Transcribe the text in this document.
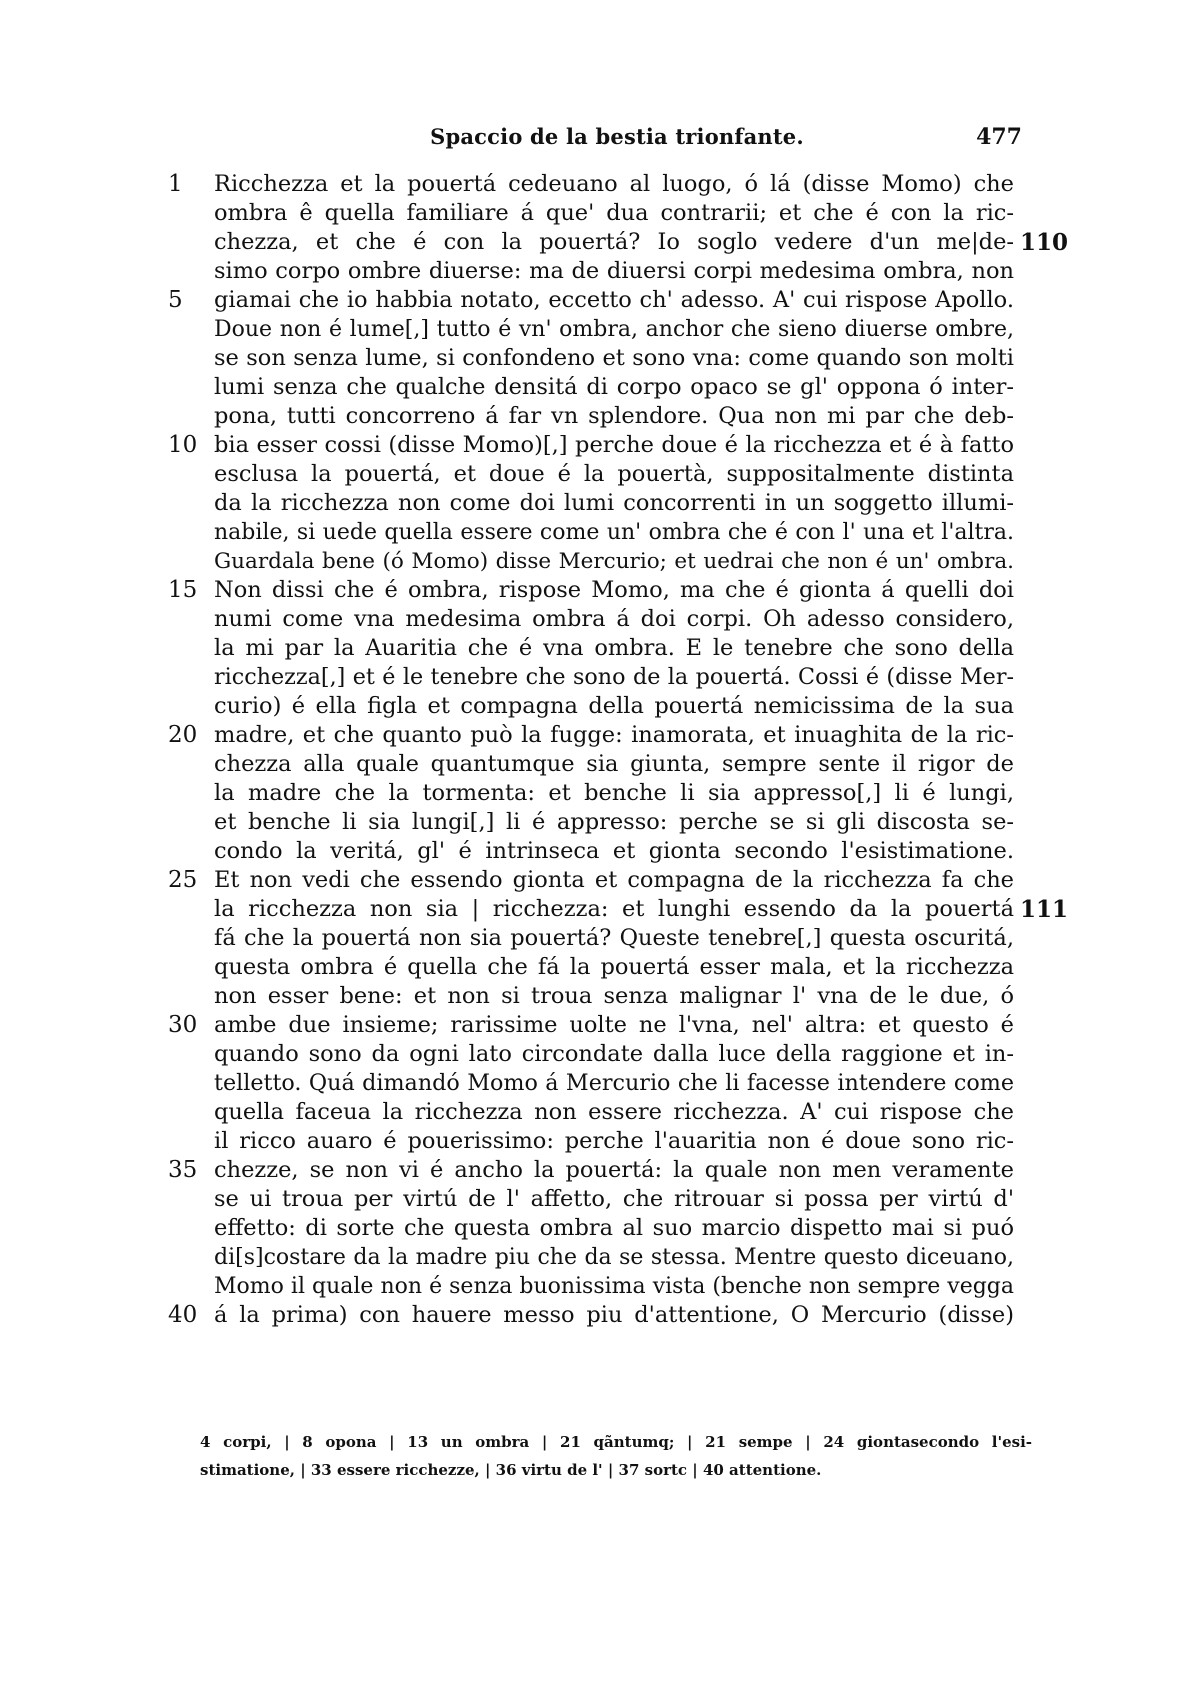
Spaccio de la bestia trionfante.	477
1	Ricchezza et la pouertá cedeuano al luogo, ó lá (disse Momo) che
ombra ê quella familiare á que' dua contrarii; et che é con la ric-
chezza, et che é con la pouertá? Io soglo vedere d'un me|de- 110
simo corpo ombre diuerse: ma de diuersi corpi medesima ombra, non
5	giamai che io habbia notato, eccetto ch' adesso. A' cui rispose Apollo.
Doue non é lume[,] tutto é vn' ombra, anchor che sieno diuerse ombre,
se son senza lume, si confondeno et sono vna: come quando son molti
lumi senza che qualche densitá di corpo opaco se gl' oppona ó inter-
pona, tutti concorreno á far vn splendore. Qua non mi par che deb-
10 bia esser cossi (disse Momo)[,] perche doue é la ricchezza et é à fatto
esclusa la pouertá, et doue é la pouertà, suppositalmente distinta
da la ricchezza non come doi lumi concorrenti in un soggetto illumi-
nabile, si uede quella essere come un' ombra che é con l' una et l'altra.
Guardala bene (ó Momo) disse Mercurio; et uedrai che non é un' ombra.
15 Non dissi che é ombra, rispose Momo, ma che é gionta á quelli doi
numi come vna medesima ombra á doi corpi. Oh adesso considero,
la mi par la Auaritia che é vna ombra. E le tenebre che sono della
ricchezza[,] et é le tenebre che sono de la pouertá. Cossi é (disse Mer-
curio) é ella figla et compagna della pouertá nemicissima de la sua
20 madre, et che quanto può la fugge: inamorata, et inuaghita de la ric-
chezza alla quale quantumque sia giunta, sempre sente il rigor de
la madre che la tormenta: et benche li sia appresso[,] li é lungi,
et benche li sia lungi[,] li é appresso: perche se si gli discosta se-
condo la veritá, gl' é intrinseca et gionta secondo l'esistimatione.
25 Et non vedi che essendo gionta et compagna de la ricchezza fa che
la ricchezza non sia | ricchezza: et lunghi essendo da la pouertá 111
fá che la pouertá non sia pouertá? Queste tenebre[,] questa oscuritá,
questa ombra é quella che fá la pouertá esser mala, et la ricchezza
non esser bene: et non si troua senza malignar l' vna de le due, ó
30 ambe due insieme; rarissime uolte ne l'vna, nel' altra: et questo é
quando sono da ogni lato circondate dalla luce della raggione et in-
telletto. Quá dimandó Momo á Mercurio che li facesse intendere come
quella faceua la ricchezza non essere ricchezza. A' cui rispose che
il ricco auaro é pouerissimo: perche l'auaritia non é doue sono ric-
35 chezze, se non vi é ancho la pouertá: la quale non men veramente
se ui troua per virtú de l' affetto, che ritrouar si possa per virtú d'
effetto: di sorte che questa ombra al suo marcio dispetto mai si puó
di[s]costare da la madre piu che da se stessa. Mentre questo diceuano,
Momo il quale non é senza buonissima vista (benche non sempre vegga
40 á la prima) con hauere messo piu d'attentione, O Mercurio (disse)
4 corpi, | 8 opona | 13 un ombra | 21 qãntumq; | 21 sempe | 24 giontasecondo l'esi-
stimatione, | 33 essere ricchezze, | 36 virtu de l' | 37 sortc | 40 attentione.
